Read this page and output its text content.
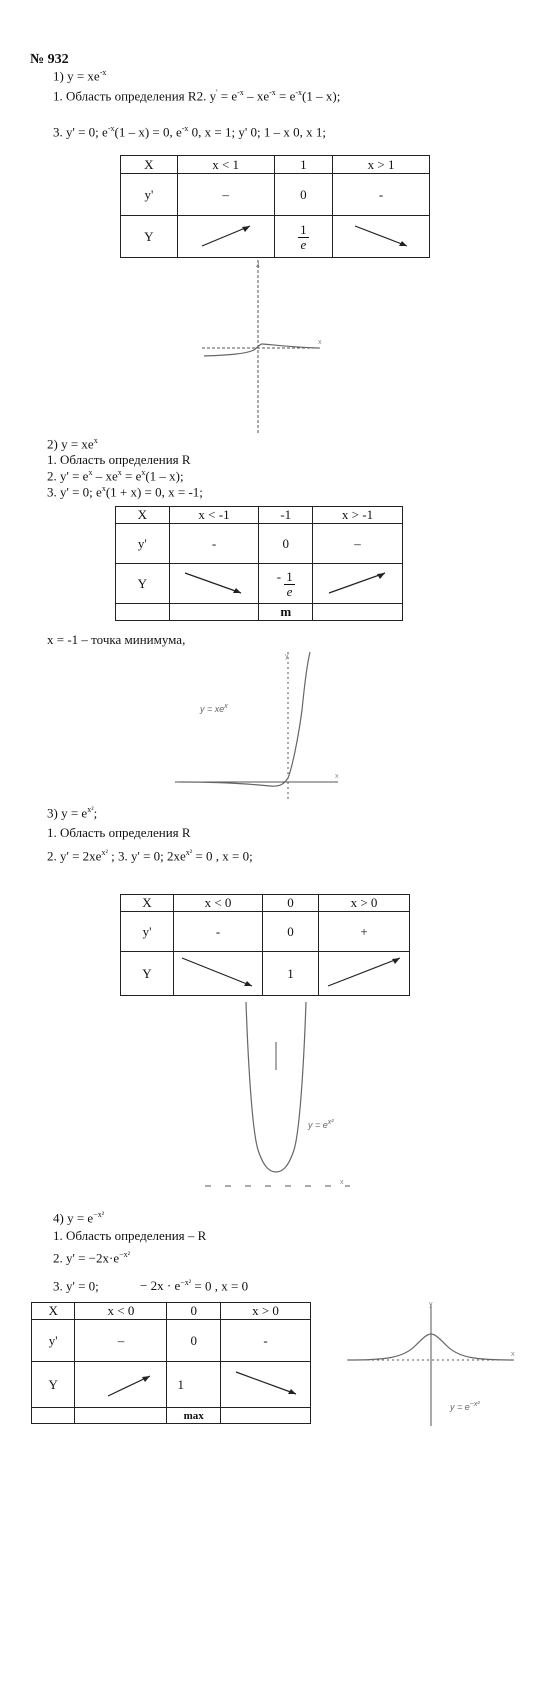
№ 932
1) $y = xe^{-x}$
1. Область определения R2. $y' = e^{-x} - xe^{-x} = e^{-x}(1 - x)$;
3. y' = 0; $e^{-x}(1 - x) = 0$, $e^{-x}$ 0, x = 1; y' 0; 1 – x 0, x 1;
X	x < 1	1	x > 1
y'	–	0	-
Y		$\frac{1}{e}$

4
x
2) $y = xe^x$
1. Область определения R
2. $y' = e^x - xe^x = e^x(1 - x)$;
3. y' = 0; $e^x(1 + x) = 0$, x = -1;
X	x < -1	-1	x > -1
y'	-	0	–
Y		- $\frac{1}{e}$

		m	
x = -1 – точка минимума,
$y = xe^x$
x
y
3) $y = e^{x^2}$;
1. Область определения R
2. $y' = 2xe^{x^2}$ ; 3. y' = 0; $2xe^{x^2} = 0$ , x = 0;
X	x < 0	0	x > 0
y'	-	0	+
Y		1	
$y = e^{x^2}$
x
4) $y = e^{-x^2}$
1. Область определения – R
2. $y' = -2x\cdot e^{-x^2}$
3. y' = 0;	− $2x \cdot e^{-x^2} = 0$ , x = 0
X	x < 0	0	x > 0
y'	–	0	-
Y		1	
		max	
$y = e^{-x^2}$
x
y
